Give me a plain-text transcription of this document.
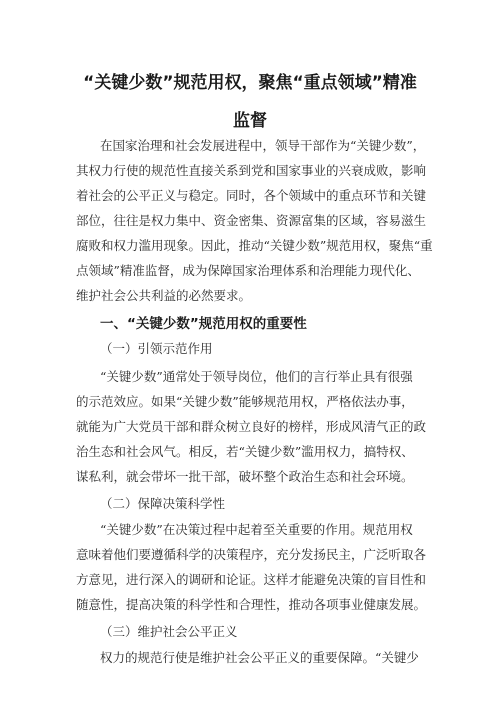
“关键少数”规范用权，聚焦“重点领域”精准
监督
在国家治理和社会发展进程中，领导干部作为“关键少数”，
其权力行使的规范性直接关系到党和国家事业的兴衰成败，影响
着社会的公平正义与稳定。同时，各个领域中的重点环节和关键
部位，往往是权力集中、资金密集、资源富集的区域，容易滋生
腐败和权力滥用现象。因此，推动“关键少数”规范用权，聚焦“重
点领域”精准监督，成为保障国家治理体系和治理能力现代化、
维护社会公共利益的必然要求。
一、“关键少数”规范用权的重要性
（一）引领示范作用
“关键少数”通常处于领导岗位，他们的言行举止具有很强
的示范效应。如果“关键少数”能够规范用权，严格依法办事，
就能为广大党员干部和群众树立良好的榜样，形成风清气正的政
治生态和社会风气。相反，若“关键少数”滥用权力，搞特权、
谋私利，就会带坏一批干部，破坏整个政治生态和社会环境。
（二）保障决策科学性
“关键少数”在决策过程中起着至关重要的作用。规范用权
意味着他们要遵循科学的决策程序，充分发扬民主，广泛听取各
方意见，进行深入的调研和论证。这样才能避免决策的盲目性和
随意性，提高决策的科学性和合理性，推动各项事业健康发展。
（三）维护社会公平正义
权力的规范行使是维护社会公平正义的重要保障。“关键少
